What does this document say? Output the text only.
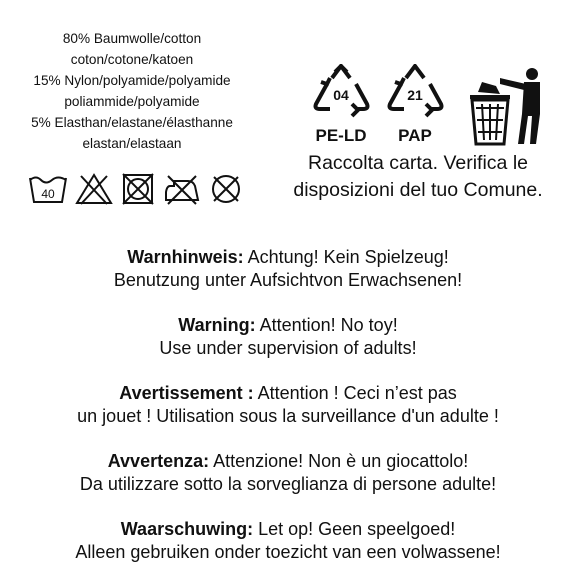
80% Baumwolle/cotton
coton/cotone/katoen
15% Nylon/polyamide/polyamide
poliammide/polyamide
5% Elasthan/elastane/élasthanne
elastan/elastaan
40
04
PE-LD
21
PAP
Raccolta carta. Verifica le
disposizioni del tuo Comune.
Warnhinweis: Achtung! Kein Spielzeug!
Benutzung unter Aufsichtvon Erwachsenen!
Warning: Attention! No toy!
Use under supervision of adults!
Avertissement : Attention ! Ceci n’est pas
un jouet ! Utilisation sous la surveillance d'un adulte !
Avvertenza: Attenzione! Non è un giocattolo!
Da utilizzare sotto la sorveglianza di persone adulte!
Waarschuwing: Let op! Geen speelgoed!
Alleen gebruiken onder toezicht van een volwassene!
